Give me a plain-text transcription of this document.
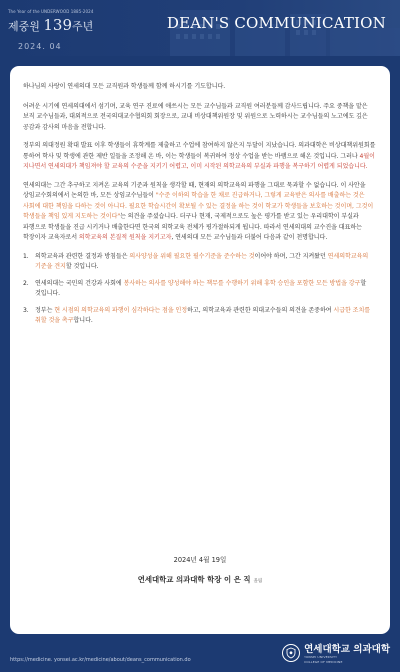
The Year of the UNDERWOOD 1885-2024
제중원 139주년
2024. 04
DEAN'S COMMUNICATION

하나님의 사랑이 연세의대 모든 교직원과 학생들께 함께 하시기를 기도합니다.

어려운 시기에 연세의대에서 섬기며, 교육 연구 진료에 애쓰시는 모든 교수님들과 교직원 여러분들께 감사드립니다. 주요 중책을 맡은 보직 교수님들과, 대외적으로 전국의대교수협의회 회장으로, 교내 비상대책위원장 및 위원으로 노력하시는 교수님들의 노고에도 깊은 공감과 감사의 마음을 전합니다.

정부의 의대정원 확대 발표 이후 학생들이 휴학계를 제출하고 수업에 참여하지 않은지 두달이 지났습니다. 의과대학은 비상대책위원회를 통하여 학사 및 학생에 관한 제반 일들을 조정해 온 바, 이는 학생들이 복귀하여 정상 수업을 받는 바램으로 해온 것입니다. 그러나 4월이 지나면서 연세의대가 책임져야 할 교육의 수준을 지키기 어렵고, 이미 시작된 의학교육의 부실과 파행을 복구하기 어렵게 되었습니다.

연세의대는 그간 추구하고 지켜온 교육의 기준과 원칙을 생각할 때, 현재의 의학교육의 파행을 그대로 묵과할 수 없습니다. 이 사안을 상임교수회의에서 논의한 바, 모든 상임교수님들이 "수준 이하의 학습을 한 채로 진급하거나, 그렇게 교육받은 의사를 배출하는 것은 사회에 대한 책임을 다하는 것이 아니다. 필요한 학습시간이 확보될 수 있는 결정을 하는 것이 학교가 학생들을 보호하는 것이며, 그것이 학생들을 책임 있게 지도하는 것이다"는 의견을 주셨습니다. 더구나 현재, 국제적으로도 높은 평가를 받고 있는 우리대학이 부실과 파행으로 학생들을 진급 시키거나 배출한다면 한국의 의학교육 전체가 평가절하되게 됩니다. 따라서 연세의대의 교수진을 대표하는 학장이자 교육자로서 의학교육의 본질적 원칙을 지키고자, 연세의대 모든 교수님들과 더불어 다음과 같이 천명합니다.

1.	의학교육과 관련한 결정과 방침들은 의사양성을 위해 필요한 필수기준을 준수하는 것이어야 하며, 그간 지켜왔던 연세의학교육의 기준을 견지할 것입니다.
2.	연세의대는 국민의 건강과 사회에 봉사하는 의사를 양성해야 하는 책무를 수행하기 위해 휴학 승인을 포함한 모든 방법을 강구할 것입니다.
3.	정부는 현 시점의 의학교육의 파행이 심각하다는 점을 인정하고, 의학교육과 관련한 의대교수들의 의견을 존중하여 시급한 조치를 취할 것을 촉구합니다.
2024년 4월 19일
연세대학교 의과대학 학장 이 은 직 올림
https://medicine. yonsei.ac.kr/medicine/about/deans_communication.do
연세대학교 의과대학
YONSEI UNIVERSITY
COLLEGE OF MEDICINE
